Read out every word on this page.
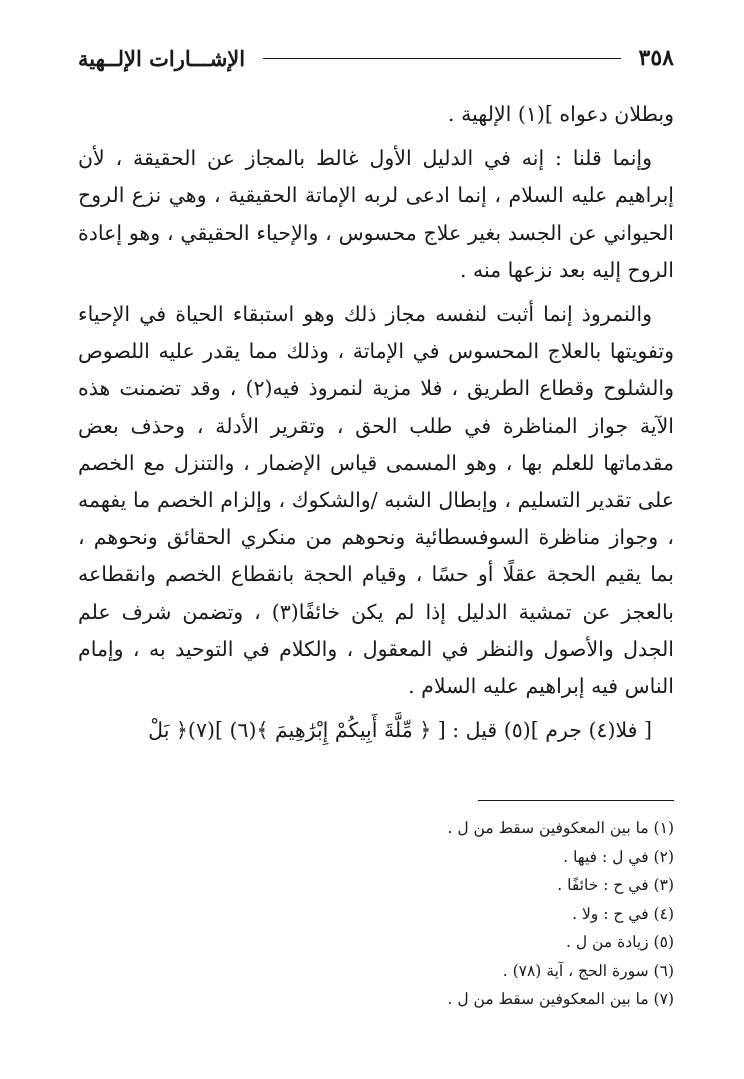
٣٥٨
الإشـــارات الإلــهية

وبطلان دعواه ](١) الإلهية .

وإنما قلنا : إنه في الدليل الأول غالط بالمجاز عن الحقيقة ، لأن إبراهيم عليه السلام ، إنما ادعى لربه الإماتة الحقيقية ، وهي نزع الروح الحيواني عن الجسد بغير علاج محسوس ، والإحياء الحقيقي ، وهو إعادة الروح إليه بعد نزعها منه .

والنمروذ إنما أثبت لنفسه مجاز ذلك وهو استبقاء الحياة في الإحياء وتفويتها بالعلاج المحسوس في الإماتة ، وذلك مما يقدر عليه اللصوص والشلوح وقطاع الطريق ، فلا مزية لنمروذ فيه(٢) ، وقد تضمنت هذه الآية جواز المناظرة في طلب الحق ، وتقرير الأدلة ، وحذف بعض مقدماتها للعلم بها ، وهو المسمى قياس الإضمار ، والتنزل مع الخصم على تقدير التسليم ، وإبطال الشبه /والشكوك ، وإلزام الخصم ما يفهمه ، وجواز مناظرة السوفسطائية ونحوهم من منكري الحقائق ونحوهم ، بما يقيم الحجة عقلًا أو حسًا ، وقيام الحجة بانقطاع الخصم وانقطاعه بالعجز عن تمشية الدليل إذا لم يكن خائفًا(٣) ، وتضمن شرف علم الجدل والأصول والنظر في المعقول ، والكلام في التوحيد به ، وإمام الناس فيه إبراهيم عليه السلام .

[ فلا(٤) جرم ](٥) قيل : [ ﴿ مِّلَّةَ أَبِيكُمْ إِبْرَٰهِيمَ ﴾(٦) ](٧)﴿ بَلْ

(١) ما بين المعكوفين سقط من ل .

(٢) في ل : فيها .

(٣) في ح : خائفًا .

(٤) في ح : ولا .

(٥) زيادة من ل .

(٦) سورة الحج ، آية (٧٨) .

(٧) ما بين المعكوفين سقط من ل .
